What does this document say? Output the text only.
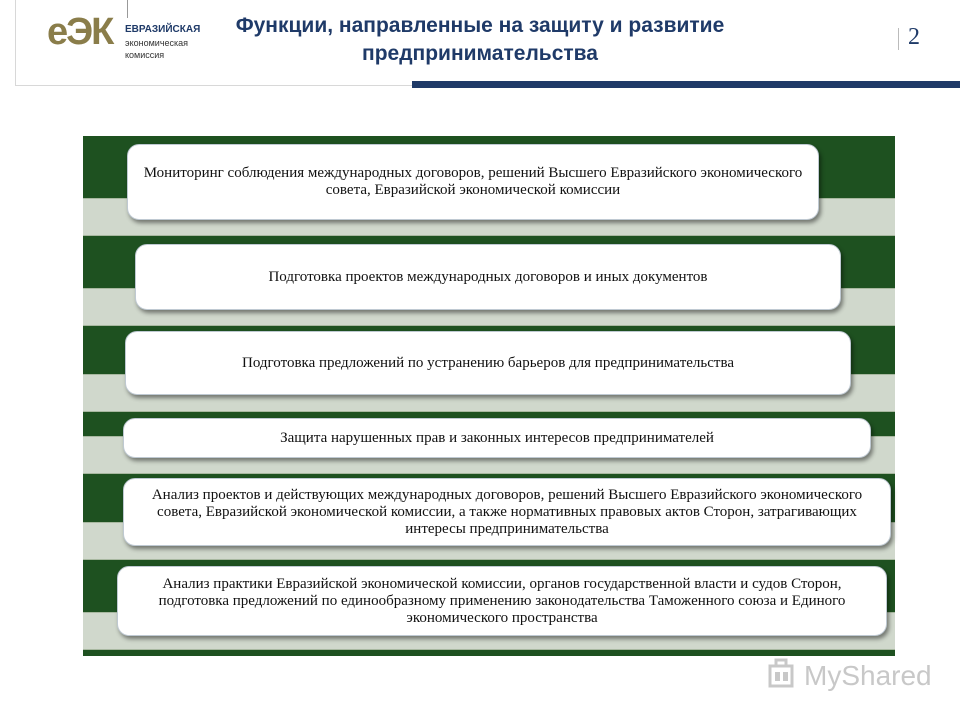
еЭК ЕВРАЗИЙСКАЯ
экономическая
комиссия
Функции, направленные на защиту и развитие предпринимательства
2
Мониторинг соблюдения международных договоров, решений Высшего Евразийского экономического совета, Евразийской экономической комиссии
Подготовка проектов международных договоров и иных документов
Подготовка предложений по устранению барьеров для предпринимательства
Защита нарушенных прав и законных интересов предпринимателей
Анализ проектов и действующих международных договоров, решений Высшего Евразийского экономического совета, Евразийской экономической комиссии, а также нормативных правовых актов Сторон, затрагивающих интересы предпринимательства
Анализ практики Евразийской экономической комиссии, органов государственной власти и судов Сторон, подготовка предложений по единообразному применению законодательства Таможенного союза и Единого экономического пространства
MyShared
